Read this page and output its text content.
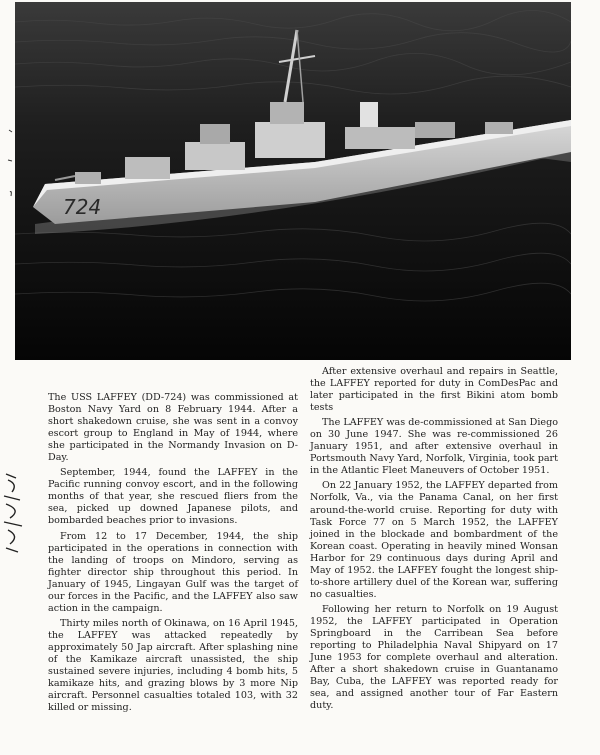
724

The USS LAFFEY (DD-724) was commissioned at Boston Navy Yard on 8 February 1944. After a short shakedown cruise, she was sent in a convoy escort group to England in May of 1944, where she participated in the Normandy Invasion on D-Day.

September, 1944, found the LAFFEY in the Pacific running convoy escort, and in the following months of that year, she rescued fliers from the sea, picked up downed Japanese pilots, and bombarded beaches prior to invasions.

From 12 to 17 December, 1944, the ship participated in the operations in connection with the landing of troops on Mindoro, serving as fighter director ship throughout this period. In January of 1945, Lingayan Gulf was the target of our forces in the Pacific, and the LAFFEY also saw action in the campaign.

Thirty miles north of Okinawa, on 16 April 1945, the LAFFEY was attacked repeatedly by approximately 50 Jap aircraft. After splashing nine of the Kamikaze aircraft unassisted, the ship sustained severe injuries, including 4 bomb hits, 5 kamikaze hits, and grazing blows by 3 more Nip aircraft. Personnel casualties totaled 103, with 32 killed or missing.

After extensive overhaul and repairs in Seattle, the LAFFEY reported for duty in ComDesPac and later participated in the first Bikini atom bomb tests

The LAFFEY was de-commissioned at San Diego on 30 June 1947. She was re-commissioned 26 January 1951, and after extensive overhaul in Portsmouth Navy Yard, Norfolk, Virginia, took part in the Atlantic Fleet Maneuvers of October 1951.

On 22 January 1952, the LAFFEY departed from Norfolk, Va., via the Panama Canal, on her first around-the-world cruise. Reporting for duty with Task Force 77 on 5 March 1952, the LAFFEY joined in the blockade and bombardment of the Korean coast. Operating in heavily mined Wonsan Harbor for 29 continuous days during April and May of 1952. the LAFFEY fought the longest ship-to-shore artillery duel of the Korean war, suffering no casualties.

Following her return to Norfolk on 19 August 1952, the LAFFEY participated in Operation Springboard in the Carribean Sea before reporting to Philadelphia Naval Shipyard on 17 June 1953 for complete overhaul and alteration. After a short shakedown cruise in Guantanamo Bay, Cuba, the LAFFEY was reported ready for sea, and assigned another tour of Far Eastern duty.
